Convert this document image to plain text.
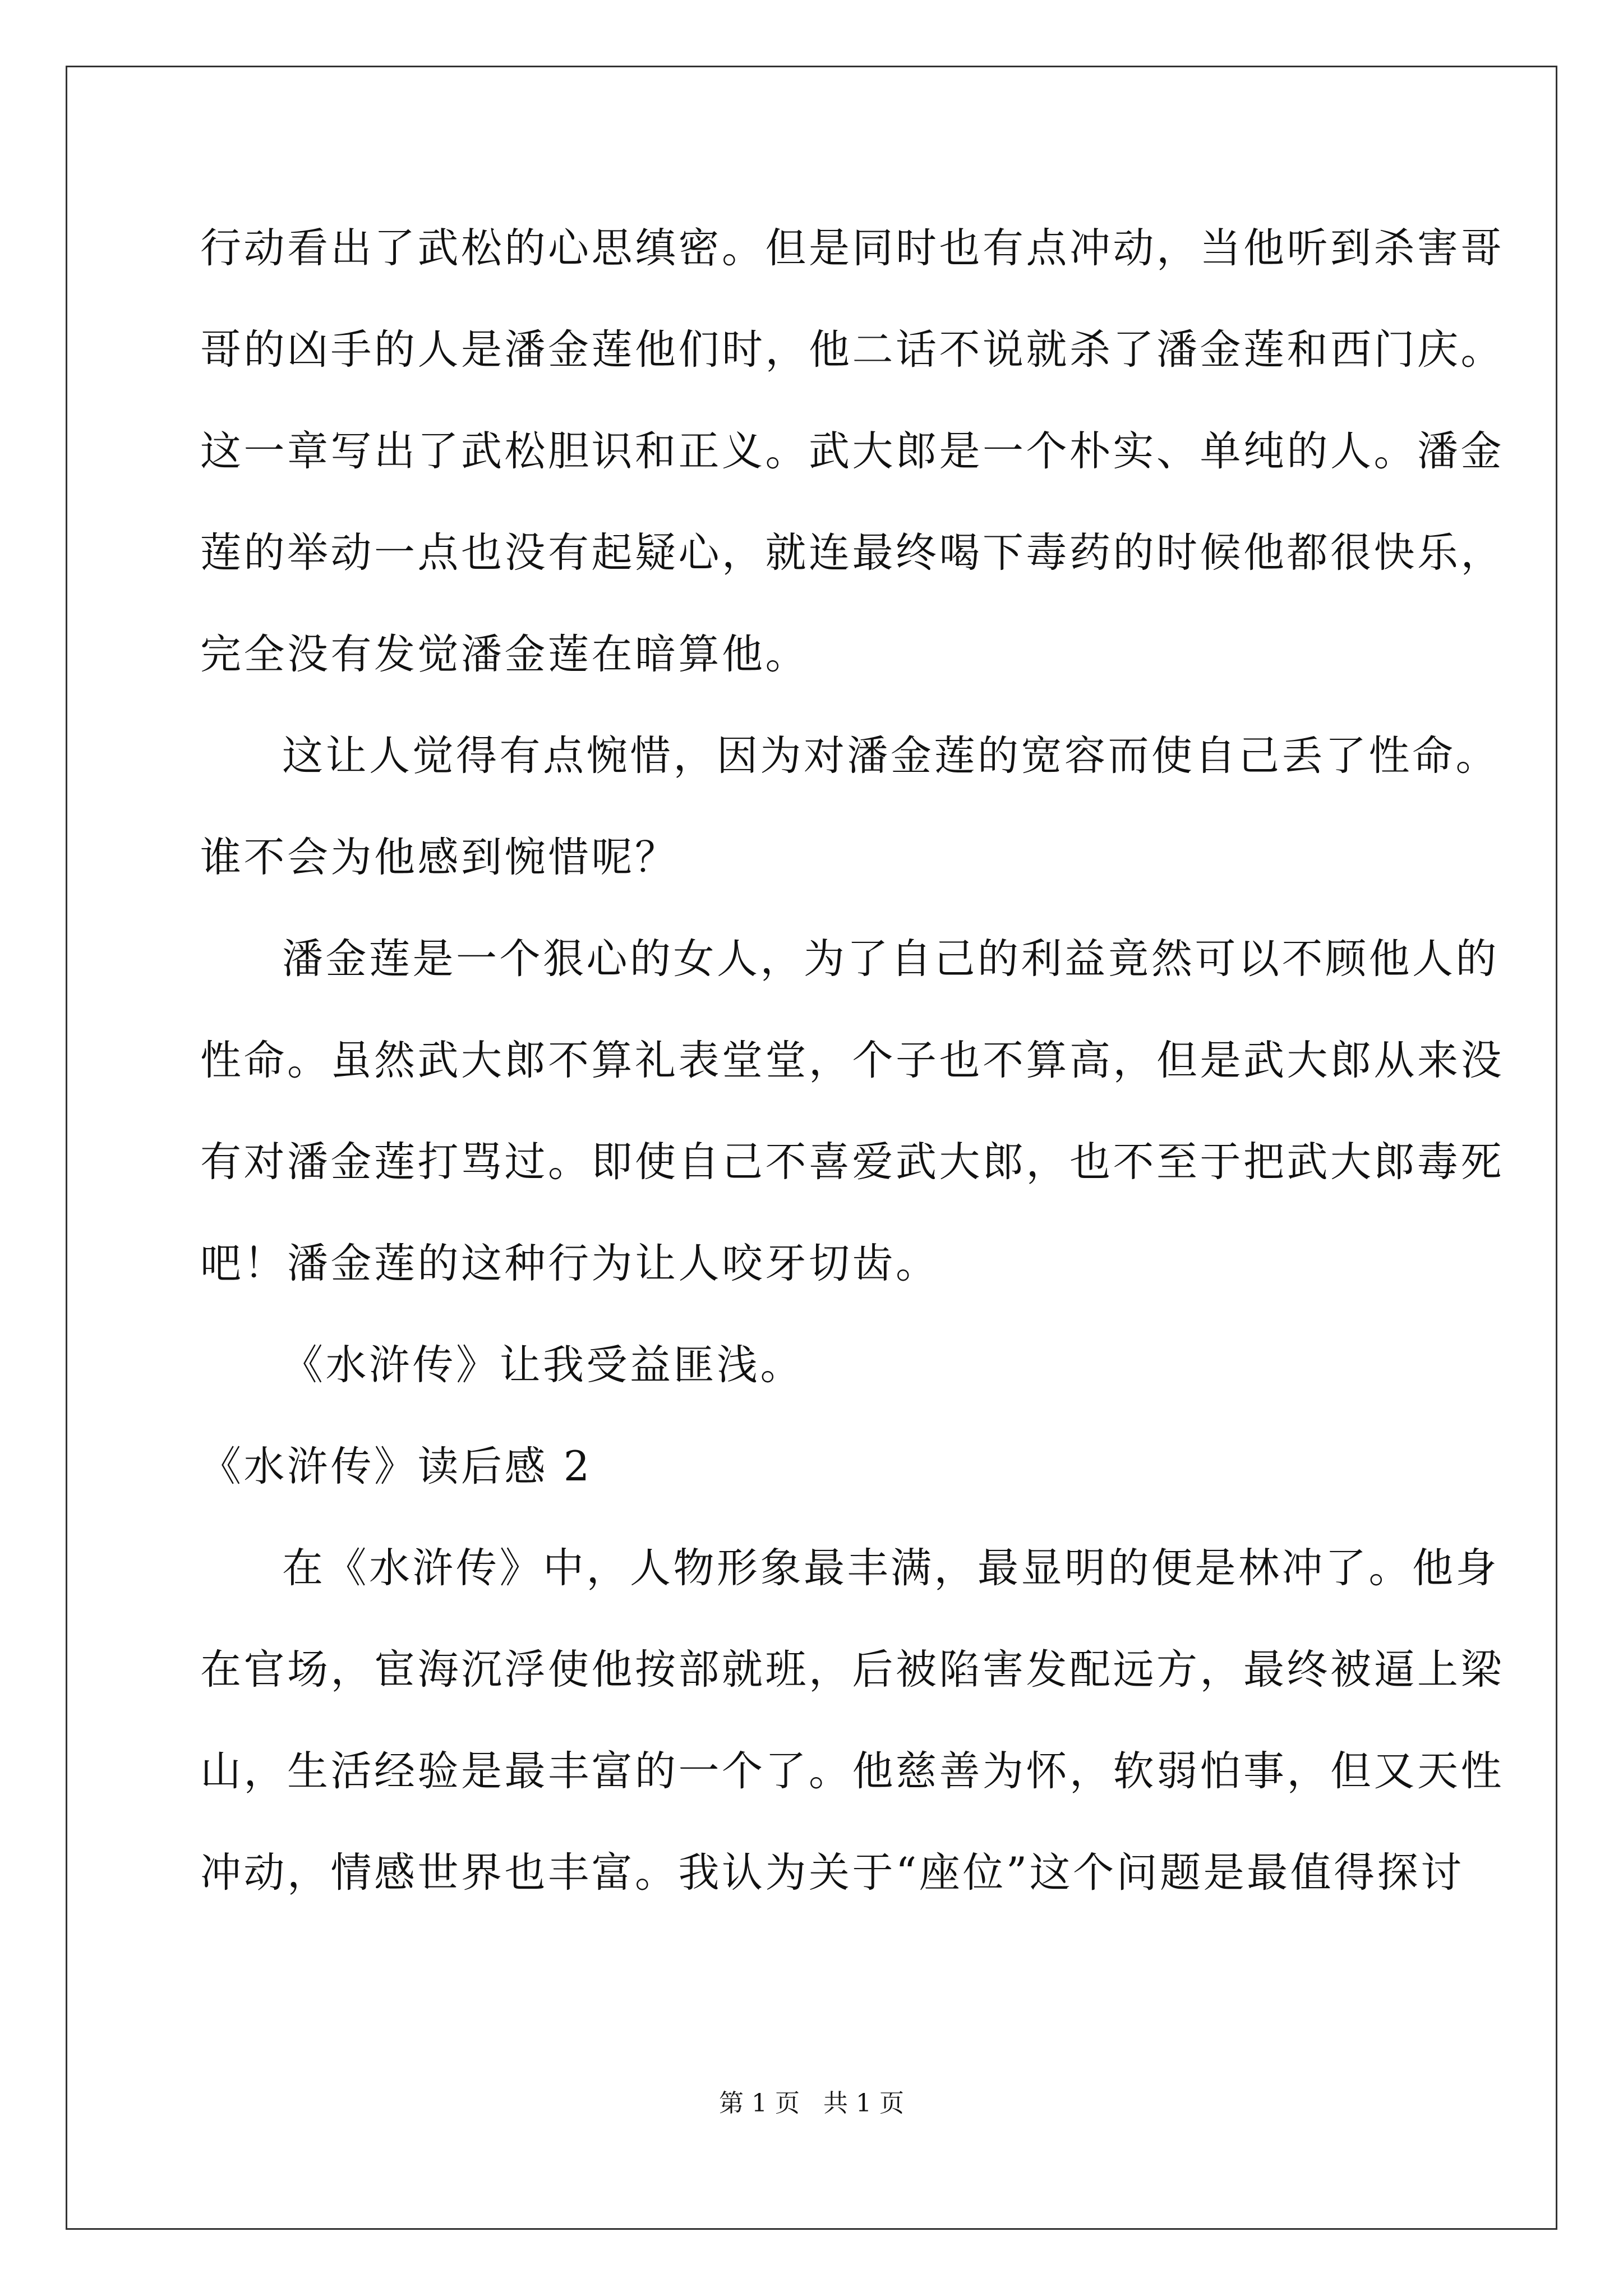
行动看出了武松的心思缜密。但是同时也有点冲动，当他听到杀害哥
哥的凶手的人是潘金莲他们时，他二话不说就杀了潘金莲和西门庆。
这一章写出了武松胆识和正义。武大郎是一个朴实、单纯的人。潘金
莲的举动一点也没有起疑心，就连最终喝下毒药的时候他都很快乐，
完全没有发觉潘金莲在暗算他。
这让人觉得有点惋惜，因为对潘金莲的宽容而使自己丢了性命。
谁不会为他感到惋惜呢？
潘金莲是一个狠心的女人，为了自己的利益竟然可以不顾他人的
性命。虽然武大郎不算礼表堂堂，个子也不算高，但是武大郎从来没
有对潘金莲打骂过。即使自己不喜爱武大郎，也不至于把武大郎毒死
吧！潘金莲的这种行为让人咬牙切齿。
《水浒传》让我受益匪浅。
《水浒传》读后感 2
在《水浒传》中，人物形象最丰满，最显明的便是林冲了。他身
在官场，宦海沉浮使他按部就班，后被陷害发配远方，最终被逼上梁
山，生活经验是最丰富的一个了。他慈善为怀，软弱怕事，但又天性
冲动，情感世界也丰富。我认为关于“座位”这个问题是最值得探讨
第 1 页   共 1 页
